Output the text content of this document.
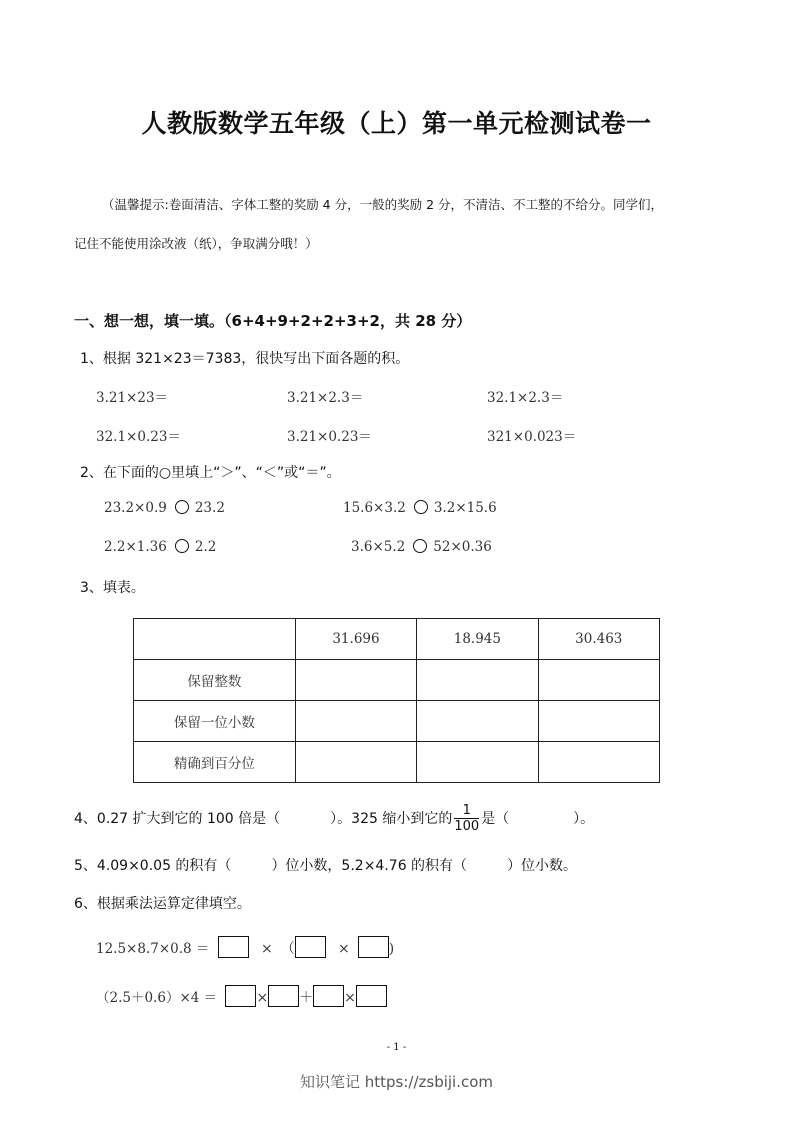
人教版数学五年级（上）第一单元检测试卷一
（温馨提示:卷面清洁、字体工整的奖励 4 分，一般的奖励 2 分，不清洁、不工整的不给分。同学们，
记住不能使用涂改液（纸），争取满分哦！）
一、想一想，填一填。（6+4+9+2+2+3+2，共 28 分）
1、根据 321×23＝7383，很快写出下面各题的积。
3.21×23＝	3.21×2.3＝	32.1×2.3＝
32.1×0.23＝	3.21×0.23＝	321×0.023＝
2、在下面的○里填上“＞”、“＜”或“＝”。
23.2×0.9 23.2	15.6×3.2 3.2×15.6
2.2×1.36 2.2	3.6×5.2 52×0.36
3、填表。
	31.696	18.945	30.463
保留整数			
保留一位小数			
精确到百分位			
4、0.27 扩大到它的 100 倍是（	）。325 缩小到它的 $\frac{1}{100}$ 是（	）。
5、4.09×0.05 的积有（	）位小数，5.2×4.76 的积有（	）位小数。
6、根据乘法运算定律填空。
12.5×8.7×0.8 ＝	× （	×	)
（2.5＋0.6）×4 ＝	× ＋ ×
- 1 -
知识笔记 https://zsbiji.com
